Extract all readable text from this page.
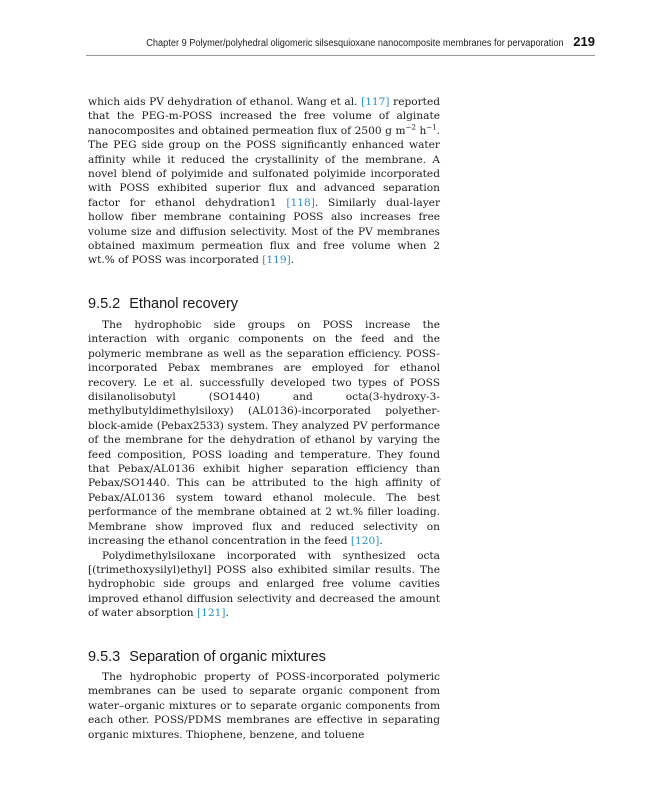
Chapter 9 Polymer/polyhedral oligomeric silsesquioxane nanocomposite membranes for pervaporation 219

which aids PV dehydration of ethanol. Wang et al. [117] reported that the PEG-m-POSS increased the free volume of alginate nanocomposites and obtained permeation flux of 2500 g $m^{-2}$ $h^{-1}$. The PEG side group on the POSS significantly enhanced water affinity while it reduced the crystallinity of the membrane. A novel blend of polyimide and sulfonated polyimide incorporated with POSS exhibited superior flux and advanced separation factor for ethanol dehydration1 [118]. Similarly dual-layer hollow fiber membrane containing POSS also increases free volume size and diffusion selectivity. Most of the PV membranes obtained maximum permeation flux and free volume when 2 wt.% of POSS was incorporated [119].

9.5.2 Ethanol recovery

The hydrophobic side groups on POSS increase the interaction with organic components on the feed and the polymeric membrane as well as the separation efficiency. POSS-incorporated Pebax membranes are employed for ethanol recovery. Le et al. successfully developed two types of POSS disilanolisobutyl (SO1440) and octa(3-hydroxy-3-methylbutyldimethylsiloxy) (AL0136)-incorporated polyether-block-amide (Pebax2533) system. They analyzed PV performance of the membrane for the dehydration of ethanol by varying the feed composition, POSS loading and temperature. They found that Pebax/AL0136 exhibit higher separation efficiency than Pebax/SO1440. This can be attributed to the high affinity of Pebax/AL0136 system toward ethanol molecule. The best performance of the membrane obtained at 2 wt.% filler loading. Membrane show improved flux and reduced selectivity on increasing the ethanol concentration in the feed [120].

Polydimethylsiloxane incorporated with synthesized octa [(trimethoxysilyl)ethyl] POSS also exhibited similar results. The hydrophobic side groups and enlarged free volume cavities improved ethanol diffusion selectivity and decreased the amount of water absorption [121].

9.5.3 Separation of organic mixtures

The hydrophobic property of POSS-incorporated polymeric membranes can be used to separate organic component from water–organic mixtures or to separate organic components from each other. POSS/PDMS membranes are effective in separating organic mixtures. Thiophene, benzene, and toluene
